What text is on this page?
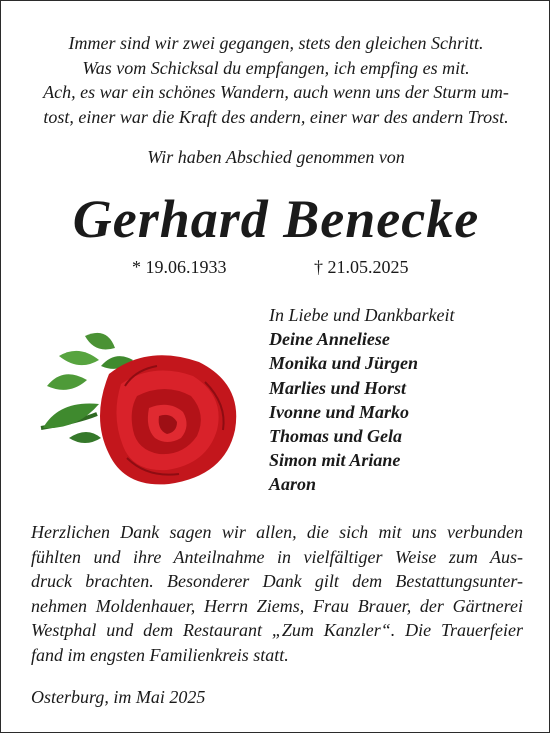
Immer sind wir zwei gegangen, stets den gleichen Schritt.
Was vom Schicksal du empfangen, ich empfing es mit.
Ach, es war ein schönes Wandern, auch wenn uns der Sturm um-
tost, einer war die Kraft des andern, einer war des andern Trost.
Wir haben Abschied genommen von
Gerhard Benecke
* 19.06.1933	† 21.05.2025
In Liebe und Dankbarkeit
Deine Anneliese
Monika und Jürgen
Marlies und Horst
Ivonne und Marko
Thomas und Gela
Simon mit Ariane
Aaron
Herzlichen Dank sagen wir allen, die sich mit uns verbunden
fühlten und ihre Anteilnahme in vielfältiger Weise zum Aus-
druck brachten. Besonderer Dank gilt dem Bestattungsunter-
nehmen Moldenhauer, Herrn Ziems, Frau Brauer, der Gärtnerei
Westphal und dem Restaurant „Zum Kanzler“. Die Trauerfeier
fand im engsten Familienkreis statt.
Osterburg, im Mai 2025
